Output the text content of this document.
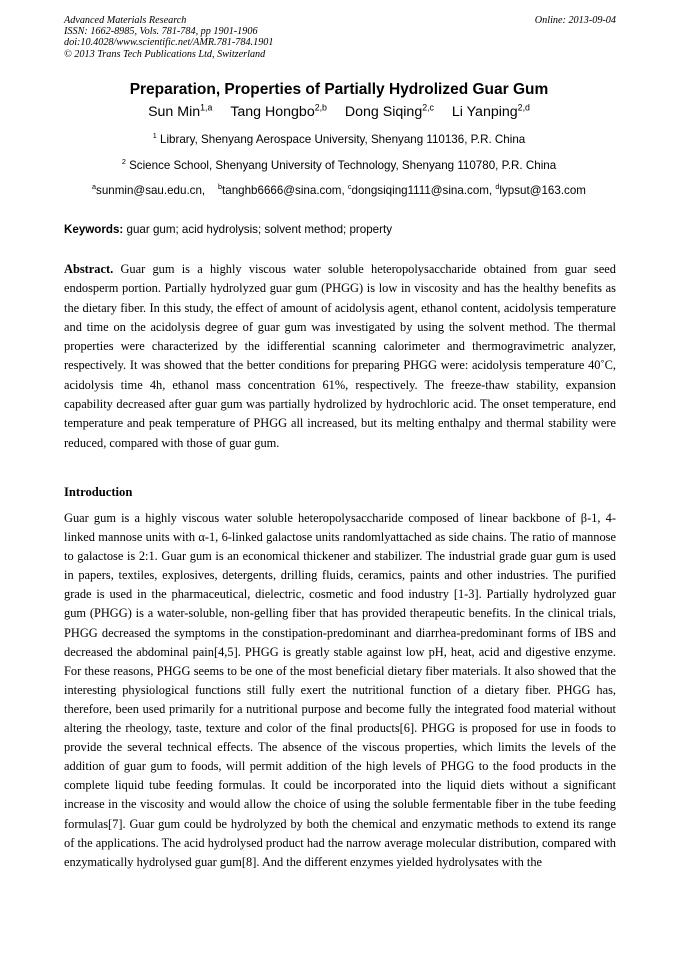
Advanced Materials Research
ISSN: 1662-8985, Vols. 781-784, pp 1901-1906
doi:10.4028/www.scientific.net/AMR.781-784.1901
© 2013 Trans Tech Publications Ltd, Switzerland
Online: 2013-09-04
Preparation, Properties of Partially Hydrolized Guar Gum
Sun Min$^{1,a}$ Tang Hongbo$^{2,b}$ Dong Siqing$^{2,c}$ Li Yanping$^{2,d}$
$^1$ Library, Shenyang Aerospace University, Shenyang 110136, P.R. China
$^2$ Science School, Shenyang University of Technology, Shenyang 110780, P.R. China
$^a$sunmin@sau.edu.cn, $^b$tanghb6666@sina.com, $^c$dongsiqing1111@sina.com, $^d$lypsut@163.com
Keywords: guar gum; acid hydrolysis; solvent method; property
Abstract. Guar gum is a highly viscous water soluble heteropolysaccharide obtained from guar seed endosperm portion. Partially hydrolyzed guar gum (PHGG) is low in viscosity and has the healthy benefits as the dietary fiber. In this study, the effect of amount of acidolysis agent, ethanol content, acidolysis temperature and time on the acidolysis degree of guar gum was investigated by using the solvent method. The thermal properties were characterized by the idifferential scanning calorimeter and thermogravimetric analyzer, respectively. It was showed that the better conditions for preparing PHGG were: acidolysis temperature 40˚C, acidolysis time 4h, ethanol mass concentration 61%, respectively. The freeze-thaw stability, expansion capability decreased after guar gum was partially hydrolized by hydrochloric acid. The onset temperature, end temperature and peak temperature of PHGG all increased, but its melting enthalpy and thermal stability were reduced, compared with those of guar gum.
Introduction
Guar gum is a highly viscous water soluble heteropolysaccharide composed of linear backbone of β-1, 4-linked mannose units with α-1, 6-linked galactose units randomlyattached as side chains. The ratio of mannose to galactose is 2:1. Guar gum is an economical thickener and stabilizer. The industrial grade guar gum is used in papers, textiles, explosives, detergents, drilling fluids, ceramics, paints and other industries. The purified grade is used in the pharmaceutical, dielectric, cosmetic and food industry [1-3]. Partially hydrolyzed guar gum (PHGG) is a water-soluble, non-gelling fiber that has provided therapeutic benefits. In the clinical trials, PHGG decreased the symptoms in the constipation-predominant and diarrhea-predominant forms of IBS and decreased the abdominal pain[4,5]. PHGG is greatly stable against low pH, heat, acid and digestive enzyme. For these reasons, PHGG seems to be one of the most beneficial dietary fiber materials. It also showed that the interesting physiological functions still fully exert the nutritional function of a dietary fiber. PHGG has, therefore, been used primarily for a nutritional purpose and become fully the integrated food material without altering the rheology, taste, texture and color of the final products[6]. PHGG is proposed for use in foods to provide the several technical effects. The absence of the viscous properties, which limits the levels of the addition of guar gum to foods, will permit addition of the high levels of PHGG to the food products in the complete liquid tube feeding formulas. It could be incorporated into the liquid diets without a significant increase in the viscosity and would allow the choice of using the soluble fermentable fiber in the tube feeding formulas[7]. Guar gum could be hydrolyzed by both the chemical and enzymatic methods to extend its range of the applications. The acid hydrolysed product had the narrow average molecular distribution, compared with enzymatically hydrolysed guar gum[8]. And the different enzymes yielded hydrolysates with the
